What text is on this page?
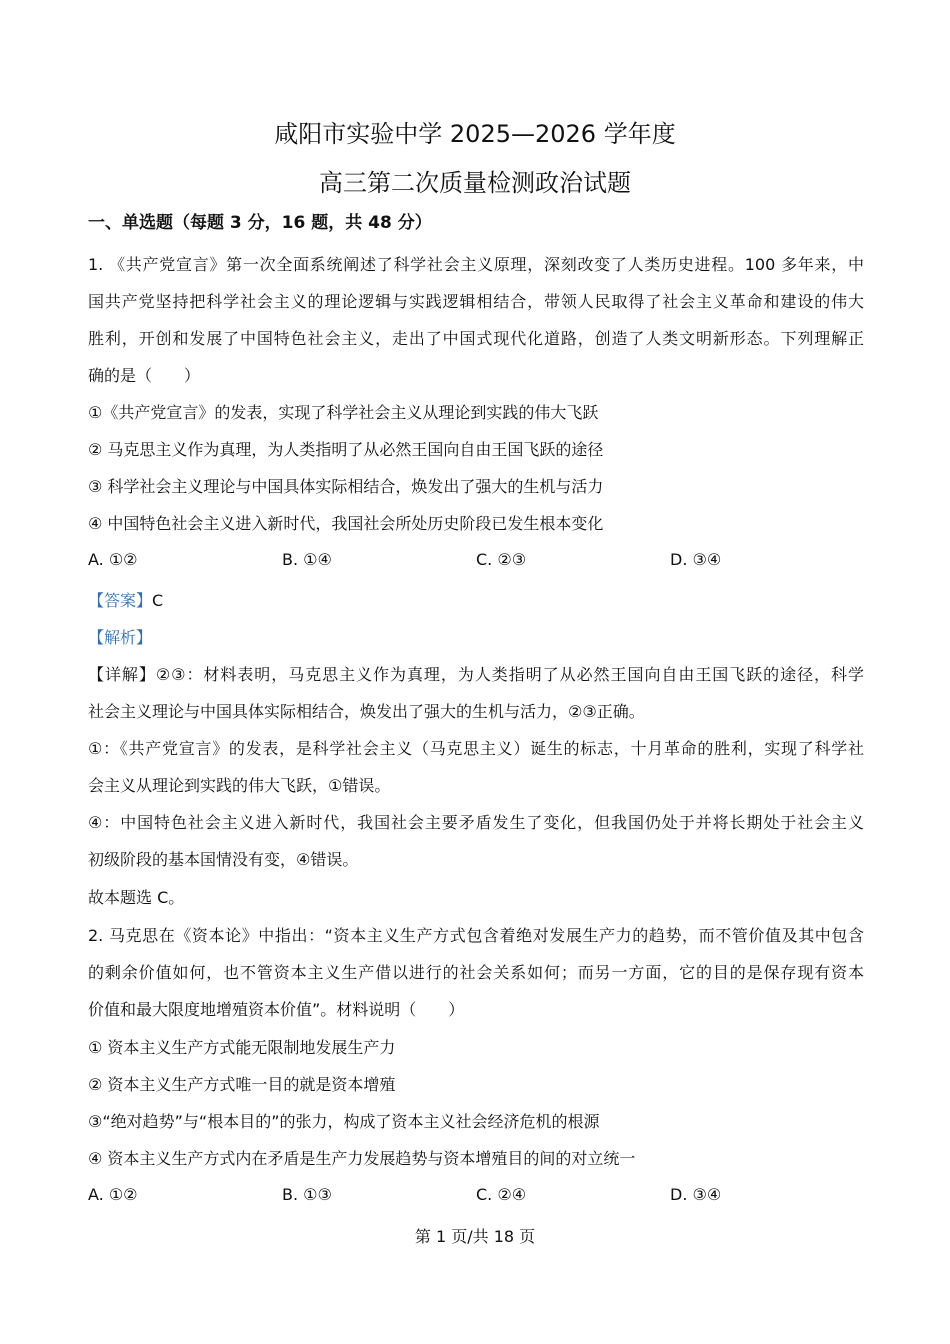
咸阳市实验中学 2025—2026 学年度
高三第二次质量检测政治试题
一、单选题（每题 3 分，16 题，共 48 分）
1. 《共产党宣言》第一次全面系统阐述了科学社会主义原理，深刻改变了人类历史进程。100 多年来，中
国共产党坚持把科学社会主义的理论逻辑与实践逻辑相结合，带领人民取得了社会主义革命和建设的伟大
胜利，开创和发展了中国特色社会主义，走出了中国式现代化道路，创造了人类文明新形态。下列理解正
确的是（　　）
①《共产党宣言》的发表，实现了科学社会主义从理论到实践的伟大飞跃
② 马克思主义作为真理，为人类指明了从必然王国向自由王国飞跃的途径
③ 科学社会主义理论与中国具体实际相结合，焕发出了强大的生机与活力
④ 中国特色社会主义进入新时代，我国社会所处历史阶段已发生根本变化
A. ①②	B. ①④	C. ②③	D. ③④
【答案】C
【解析】
【详解】②③：材料表明，马克思主义作为真理，为人类指明了从必然王国向自由王国飞跃的途径，科学
社会主义理论与中国具体实际相结合，焕发出了强大的生机与活力，②③正确。
①：《共产党宣言》的发表，是科学社会主义（马克思主义）诞生的标志，十月革命的胜利，实现了科学社
会主义从理论到实践的伟大飞跃，①错误。
④：中国特色社会主义进入新时代，我国社会主要矛盾发生了变化，但我国仍处于并将长期处于社会主义
初级阶段的基本国情没有变，④错误。
故本题选 C。
2. 马克思在《资本论》中指出：“资本主义生产方式包含着绝对发展生产力的趋势，而不管价值及其中包含
的剩余价值如何，也不管资本主义生产借以进行的社会关系如何；而另一方面，它的目的是保存现有资本
价值和最大限度地增殖资本价值”。材料说明（　　）
① 资本主义生产方式能无限制地发展生产力
② 资本主义生产方式唯一目的就是资本增殖
③“绝对趋势”与“根本目的”的张力，构成了资本主义社会经济危机的根源
④ 资本主义生产方式内在矛盾是生产力发展趋势与资本增殖目的间的对立统一
A. ①②	B. ①③	C. ②④	D. ③④
第 1 页/共 18 页
